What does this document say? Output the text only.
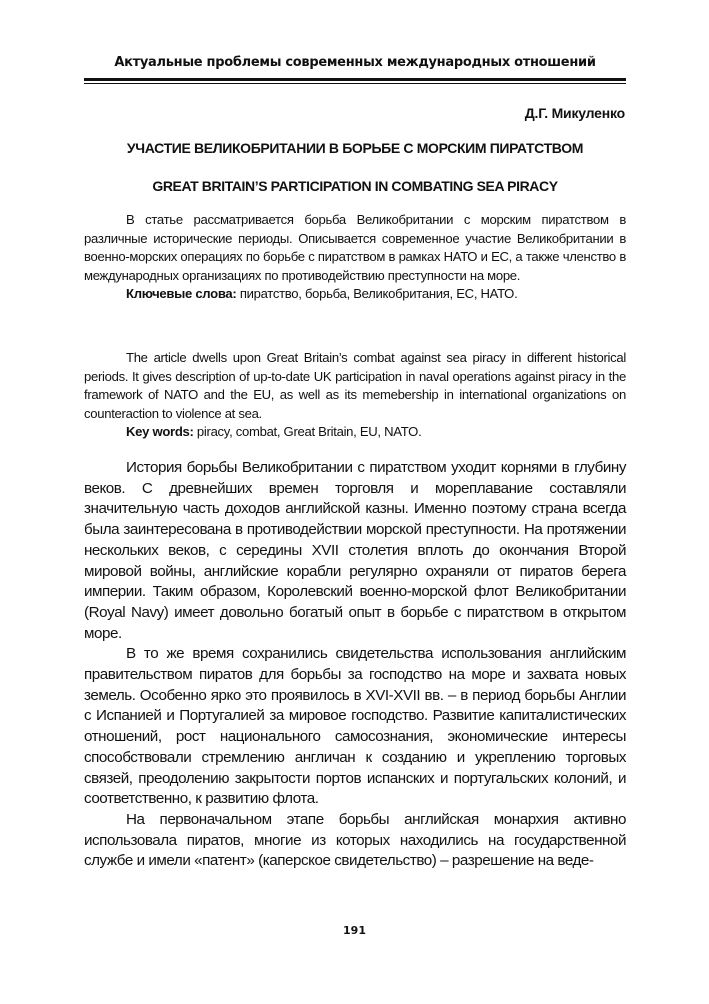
Актуальные проблемы современных международных отношений
Д.Г. Микуленко
УЧАСТИЕ ВЕЛИКОБРИТАНИИ В БОРЬБЕ С МОРСКИМ ПИРАТСТВОМ
GREAT BRITAIN’S PARTICIPATION IN COMBATING SEA PIRACY

В статье рассматривается борьба Великобритании с морским пиратством в различные исторические периоды. Описывается современное участие Великобритании в военно-морских операциях по борьбе с пиратством в рамках НАТО и ЕС, а также членство в международных организациях по противодействию преступности на море.

Ключевые слова: пиратство, борьба, Великобритания, ЕС, НАТО.

The article dwells upon Great Britain’s combat against sea piracy in different historical periods. It gives description of up-to-date UK participation in naval operations against piracy in the framework of NATO and the EU, as well as its memebership in international organizations on counteraction to violence at sea.

Key words: piracy, combat, Great Britain, EU, NATO.

История борьбы Великобритании с пиратством уходит корнями в глубину веков. С древнейших времен торговля и мореплавание составляли значительную часть доходов английской казны. Именно поэтому страна всегда была заинтересована в противодействии морской преступности. На протяжении нескольких веков, с середины XVII столетия вплоть до окончания Второй мировой войны, английские корабли регулярно охраняли от пиратов берега империи. Таким образом, Королевский военно-морской флот Великобритании (Royal Navy) имеет довольно богатый опыт в борьбе с пиратством в открытом море.

В то же время сохранились свидетельства использования английским правительством пиратов для борьбы за господство на море и захвата новых земель. Особенно ярко это проявилось в XVI-XVII вв. – в период борьбы Англии с Испанией и Португалией за мировое господство. Развитие капиталистических отношений, рост национального самосознания, экономические интересы способствовали стремлению англичан к созданию и укреплению торговых связей, преодолению закрытости портов испанских и португальских колоний, и соответственно, к развитию флота.

На первоначальном этапе борьбы английская монархия активно использовала пиратов, многие из которых находились на государственной службе и имели «патент» (каперское свидетельство) – разрешение на веде-

191
